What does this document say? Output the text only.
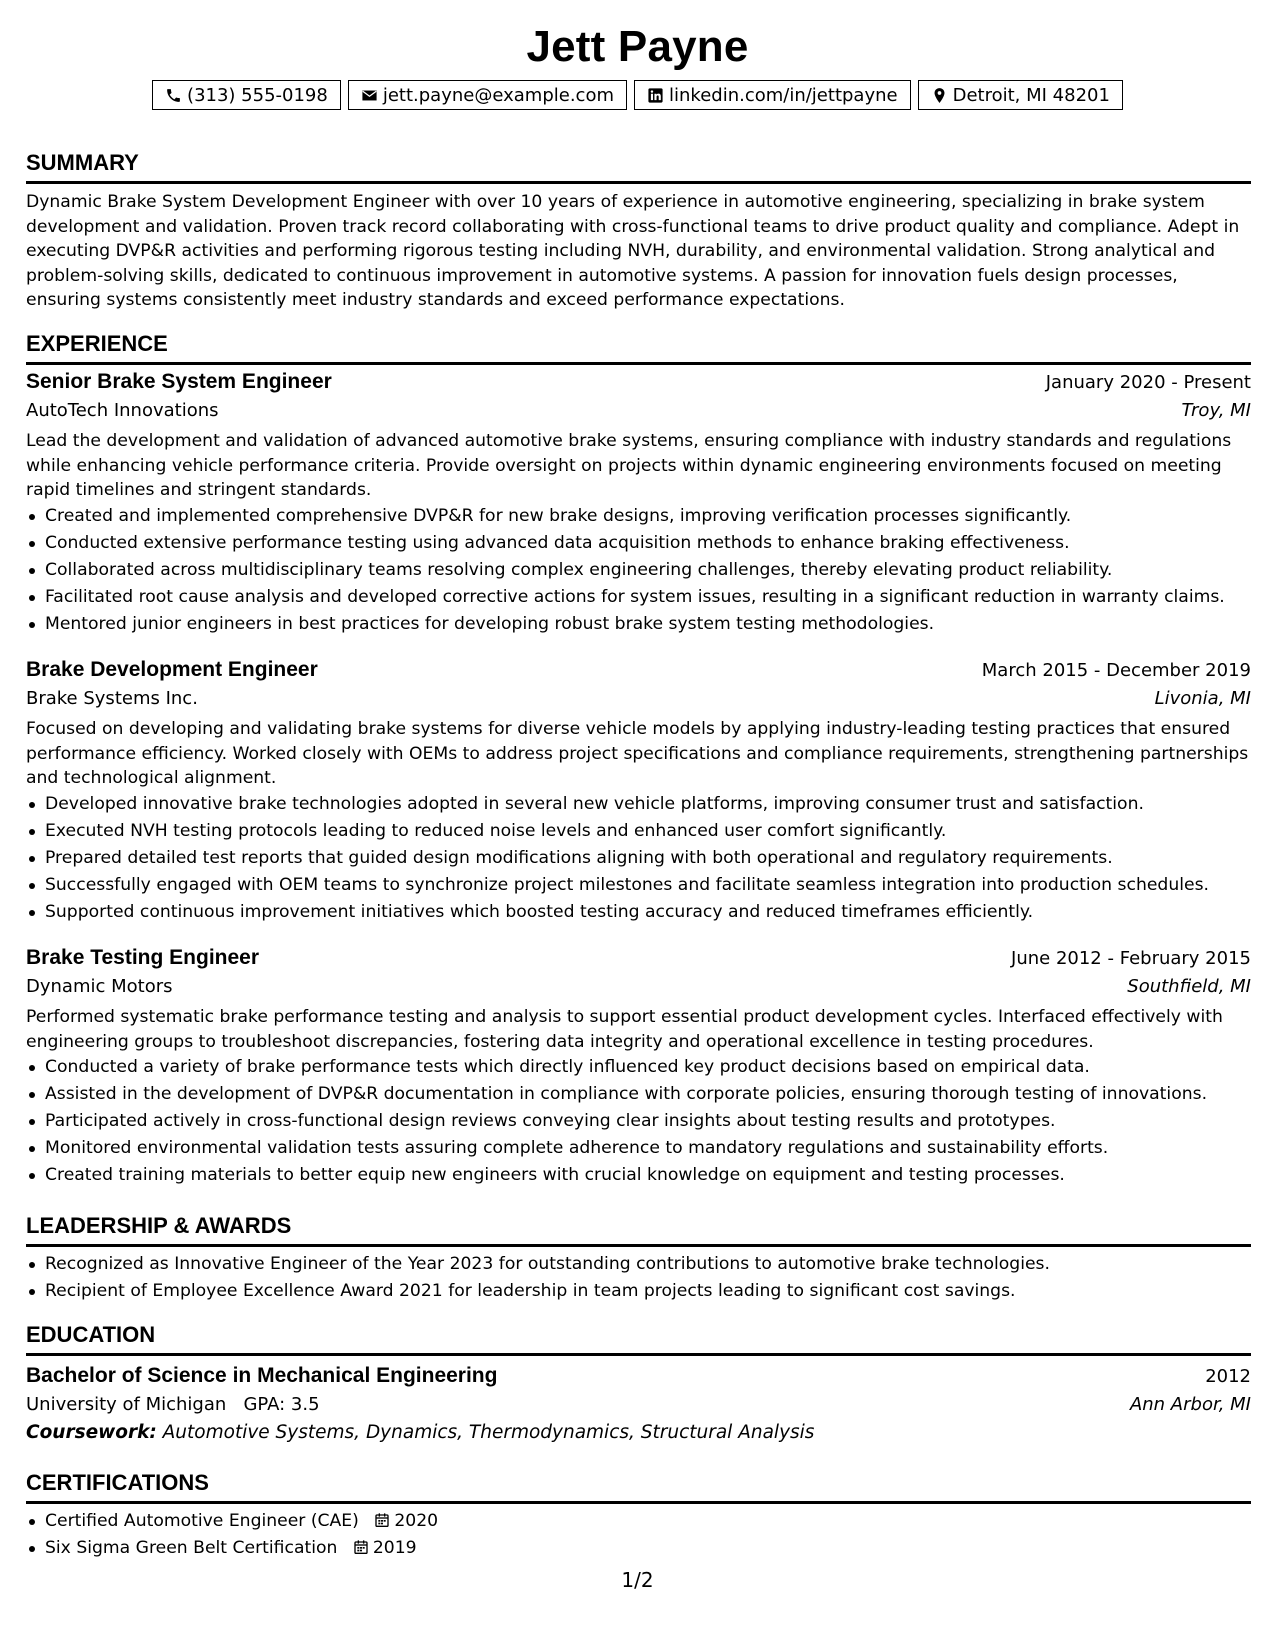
Jett Payne
(313) 555-0198	jett.payne@example.com	linkedin.com/in/jettpayne	Detroit, MI 48201
SUMMARY
Dynamic Brake System Development Engineer with over 10 years of experience in automotive engineering, specializing in brake system development and validation. Proven track record collaborating with cross-functional teams to drive product quality and compliance. Adept in executing DVP&R activities and performing rigorous testing including NVH, durability, and environmental validation. Strong analytical and problem-solving skills, dedicated to continuous improvement in automotive systems. A passion for innovation fuels design processes, ensuring systems consistently meet industry standards and exceed performance expectations.
EXPERIENCE
Senior Brake System Engineer	January 2020 - Present
AutoTech Innovations	Troy, MI
Lead the development and validation of advanced automotive brake systems, ensuring compliance with industry standards and regulations while enhancing vehicle performance criteria. Provide oversight on projects within dynamic engineering environments focused on meeting rapid timelines and stringent standards.
Created and implemented comprehensive DVP&R for new brake designs, improving verification processes significantly.
Conducted extensive performance testing using advanced data acquisition methods to enhance braking effectiveness.
Collaborated across multidisciplinary teams resolving complex engineering challenges, thereby elevating product reliability.
Facilitated root cause analysis and developed corrective actions for system issues, resulting in a significant reduction in warranty claims.
Mentored junior engineers in best practices for developing robust brake system testing methodologies.
Brake Development Engineer	March 2015 - December 2019
Brake Systems Inc.	Livonia, MI
Focused on developing and validating brake systems for diverse vehicle models by applying industry-leading testing practices that ensured performance efficiency. Worked closely with OEMs to address project specifications and compliance requirements, strengthening partnerships and technological alignment.
Developed innovative brake technologies adopted in several new vehicle platforms, improving consumer trust and satisfaction.
Executed NVH testing protocols leading to reduced noise levels and enhanced user comfort significantly.
Prepared detailed test reports that guided design modifications aligning with both operational and regulatory requirements.
Successfully engaged with OEM teams to synchronize project milestones and facilitate seamless integration into production schedules.
Supported continuous improvement initiatives which boosted testing accuracy and reduced timeframes efficiently.
Brake Testing Engineer	June 2012 - February 2015
Dynamic Motors	Southfield, MI
Performed systematic brake performance testing and analysis to support essential product development cycles. Interfaced effectively with engineering groups to troubleshoot discrepancies, fostering data integrity and operational excellence in testing procedures.
Conducted a variety of brake performance tests which directly influenced key product decisions based on empirical data.
Assisted in the development of DVP&R documentation in compliance with corporate policies, ensuring thorough testing of innovations.
Participated actively in cross-functional design reviews conveying clear insights about testing results and prototypes.
Monitored environmental validation tests assuring complete adherence to mandatory regulations and sustainability efforts.
Created training materials to better equip new engineers with crucial knowledge on equipment and testing processes.
LEADERSHIP & AWARDS
Recognized as Innovative Engineer of the Year 2023 for outstanding contributions to automotive brake technologies.
Recipient of Employee Excellence Award 2021 for leadership in team projects leading to significant cost savings.
EDUCATION
Bachelor of Science in Mechanical Engineering	2012
University of Michigan GPA: 3.5	Ann Arbor, MI
Coursework: Automotive Systems, Dynamics, Thermodynamics, Structural Analysis
CERTIFICATIONS
Certified Automotive Engineer (CAE) 2020
Six Sigma Green Belt Certification 2019
1/2
